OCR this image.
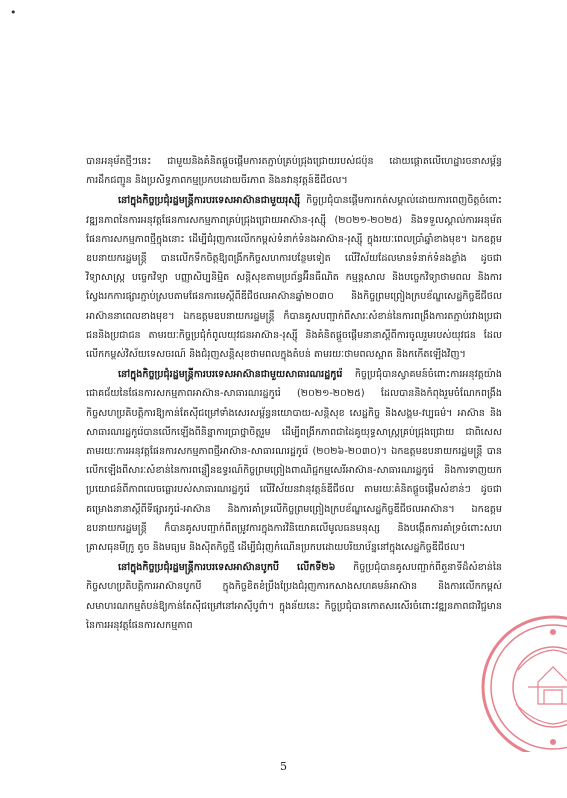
•

បានអនុម័តថ្មីៗនេះ ជាមួយនិងគំនិតផ្ដួចផ្ដើមការតភ្ជាប់គ្រប់ជ្រុងជ្រោយរបស់ជប៉ុន ដោយផ្ដោតលើហេដ្ឋារចនាសម្ព័ន្ធ ការដឹកជញ្ជូន និងប្រសិទ្ធភាពកម្មប្រកបដោយចីរភាព និងនវានុវត្តន៍ឌីជីថល។

នៅក្នុងកិច្ចប្រជុំរដ្ឋមន្ត្រីការបរទេសអាស៊ានជាមួយរុស្ស៊ី កិច្ចប្រជុំបានផ្ដើមការកត់សម្គាល់ដោយការពេញចិត្តចំពោះវឌ្ឍនភាពនៃការអនុវត្តផែនការសកម្មភាពគ្រប់ជ្រុងជ្រោយអាស៊ាន-រុស្ស៊ី (២០២១-២០២៥) និងទទួលស្គាល់ការអនុម័តផែនការសកម្មភាពថ្មីក្នុងនោះ ដើម្បីជំរុញការលើកកម្ពស់ទំនាក់ទំនងអាស៊ាន-រុស្ស៊ី ក្នុងរយៈពេលប្រាំឆ្នាំខាងមុខ។ ឯកឧត្តមឧបនាយករដ្ឋមន្ត្រី បានលើកទឹកចិត្តឱ្យពង្រីកកិច្ចសហការបន្ថែមទៀត លើវិស័យដែលមានទំនាក់ទំនងខ្លាំង ដូចជា វិទ្យាសាស្ត្រ បច្ចេកវិទ្យា បញ្ញាសិប្បនិម្មិត សន្តិសុខតាមប្រព័ន្ធអ៊ីនធឺណិត កម្មន្តសាល និងបច្ចេកវិទ្យាថាមពល និងការស្វែងរកការផ្សារភ្ជាប់ស្របតាមផែនការមេស្ដីពីឌីជីថលអាស៊ានឆ្នាំ២០៣០ និងកិច្ចព្រមព្រៀងក្របខ័ណ្ឌសេដ្ឋកិច្ចឌីជីថលអាស៊ាននាពេលខាងមុខ។ ឯកឧត្តមឧបនាយករដ្ឋមន្ត្រី ក៏បានគូសបញ្ជាក់ពីសារៈសំខាន់នៃការពង្រឹងការតភ្ជាប់រវាងប្រជាជននិងប្រជាជន តាមរយៈកិច្ចប្រជុំកំពូលយុវជនអាស៊ាន-រុស្ស៊ី និងគំនិតផ្ដួចផ្ដើមនានាស្ដីពីការចូលរួមរបស់យុវជន ដែលលើកកម្ពស់វិស័យទេសចរណ៍ និងជំរុញសន្តិសុខថាមពលក្នុងតំបន់ តាមរយៈថាមពលស្អាត និងកកើតឡើងវិញ។

នៅក្នុងកិច្ចប្រជុំរដ្ឋមន្ត្រីការបរទេសអាស៊ានជាមួយសាធារណរដ្ឋកូរ៉េ កិច្ចប្រជុំបានស្វាគមន៍ចំពោះការអនុវត្តយ៉ាងជោគជ័យនៃផែនការសកម្មភាពអាស៊ាន-សាធារណរដ្ឋកូរ៉េ (២០២១-២០២៥) ដែលបាននិងកំពុងរួមចំណែកពង្រឹងកិច្ចសហប្រតិបត្តិការឱ្យកាន់តែស៊ីជម្រៅទាំងសេរសម្ព័ន្ធនយោបាយ-សន្តិសុខ សេដ្ឋកិច្ច និងសង្គម-វប្បធម៌។ អាស៊ាន និងសាធារណរដ្ឋកូរ៉េបានលើកឡើងពីនិន្នាការប្រាថ្នាចិត្តរួម ដើម្បីពង្រីកភាពជាដៃគូយុទ្ធសាស្ត្រគ្រប់ជ្រុងជ្រោយ ជាពិសេសតាមរយៈការអនុវត្តផែនការសកម្មភាពថ្មីអាស៊ាន-សាធារណរដ្ឋកូរ៉េ (២០២៦-២០៣០)។ ឯកឧត្តមឧបនាយករដ្ឋមន្ត្រី បានលើកឡើងពីសារៈសំខាន់នៃការពន្លឿនឧទ្ធរណ៍កិច្ចព្រមព្រៀងពាណិជ្ជកម្មសេរីអាស៊ាន-សាធារណរដ្ឋកូរ៉េ និងការទាញយកប្រយោជន៍ពីភាពលេចធ្លោរបស់សាធារណរដ្ឋកូរ៉េ លើវិស័យនវានុវត្តន៍ឌីជីថល តាមរយៈគំនិតផ្ដួចផ្ដើមសំខាន់ៗ ដូចជា គម្រោងនានាស្ដីពីទីផ្សារកូរ៉េ-អាស៊ាន និងការគាំទ្រលើកិច្ចព្រមព្រៀងក្របខ័ណ្ឌសេដ្ឋកិច្ចឌីជីថលអាស៊ាន។ ឯកឧត្តមឧបនាយករដ្ឋមន្ត្រី ក៏បានគូសបញ្ជាក់ពីតម្រូវការក្នុងការវិនិយោគលើមូលធនមនុស្ស និងបង្កើតការគាំទ្រចំពោះសហគ្រាសធុនមីក្រូ តូច និងមធ្យម និងស៊ិតកិច្ចថ្មី ដើម្បីជំរុញកំណើនប្រកបដោយបរិយាប័ន្ននៅក្នុងសេដ្ឋកិច្ចឌីជីថល។

នៅក្នុងកិច្ចប្រជុំរដ្ឋមន្ត្រីការបរទេសអាស៊ានបូកបី លើកទី២៦ កិច្ចប្រជុំបានគូសបញ្ជាក់ពីតួនាទីដ៏សំខាន់នៃកិច្ចសហប្រតិបត្តិការអាស៊ានបូកបី ក្នុងកិច្ចខិតខំប្រឹងប្រែងជំរុញការកសាងសហគមន៍អាស៊ាន និងការលើកកម្ពស់សមាហរណកម្មតំបន់ឱ្យកាន់តែស៊ីជម្រៅនៅអាស៊ីបូព៌ា។ ក្នុងន័យនេះ កិច្ចប្រជុំបានកោតសរសើរចំពោះវឌ្ឍនភាពជាវិជ្ជមាន នៃការអនុវត្តផែនការសកម្មភាព

5
